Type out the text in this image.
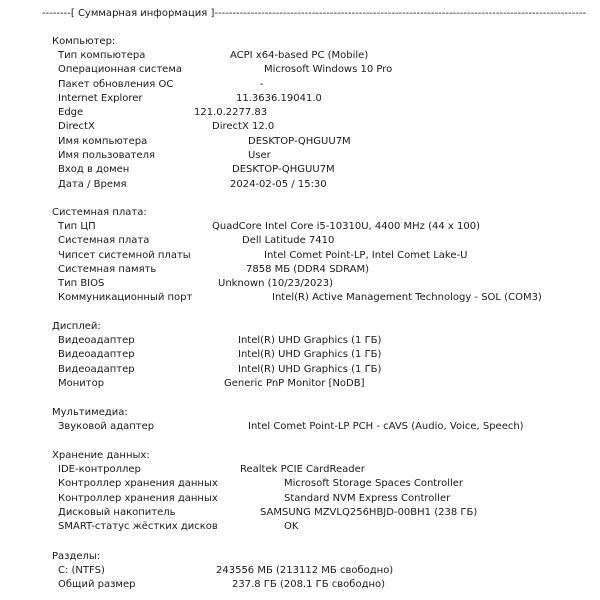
--------[ Суммарная информация ]-------------------------------------------------------------------------------------------------------
Компьютер:
Тип компьютера	ACPI x64-based PC (Mobile)
Операционная система	Microsoft Windows 10 Pro
Пакет обновления ОС	-
Internet Explorer	11.3636.19041.0
Edge	121.0.2277.83
DirectX	DirectX 12.0
Имя компьютера	DESKTOP-QHGUU7M
Имя пользователя	User
Вход в домен	DESKTOP-QHGUU7M
Дата / Время	2024-02-05 / 15:30
Системная плата:
Тип ЦП	QuadCore Intel Core i5-10310U, 4400 MHz (44 x 100)
Системная плата	Dell Latitude 7410
Чипсет системной платы	Intel Comet Point-LP, Intel Comet Lake-U
Системная память	7858 МБ (DDR4 SDRAM)
Тип BIOS	Unknown (10/23/2023)
Коммуникационный порт	Intel(R) Active Management Technology - SOL (COM3)
Дисплей:
Видеоадаптер	Intel(R) UHD Graphics (1 ГБ)
Видеоадаптер	Intel(R) UHD Graphics (1 ГБ)
Видеоадаптер	Intel(R) UHD Graphics (1 ГБ)
Монитор	Generic PnP Monitor [NoDB]
Мультимедиа:
Звуковой адаптер	Intel Comet Point-LP PCH - cAVS (Audio, Voice, Speech)
Хранение данных:
IDE-контроллер	Realtek PCIE CardReader
Контроллер хранения данных	Microsoft Storage Spaces Controller
Контроллер хранения данных	Standard NVM Express Controller
Дисковый накопитель	SAMSUNG MZVLQ256HBJD-00BH1 (238 ГБ)
SMART-статус жёстких дисков	OK
Разделы:
C: (NTFS)	243556 МБ (213112 МБ свободно)
Общий размер	237.8 ГБ (208.1 ГБ свободно)
